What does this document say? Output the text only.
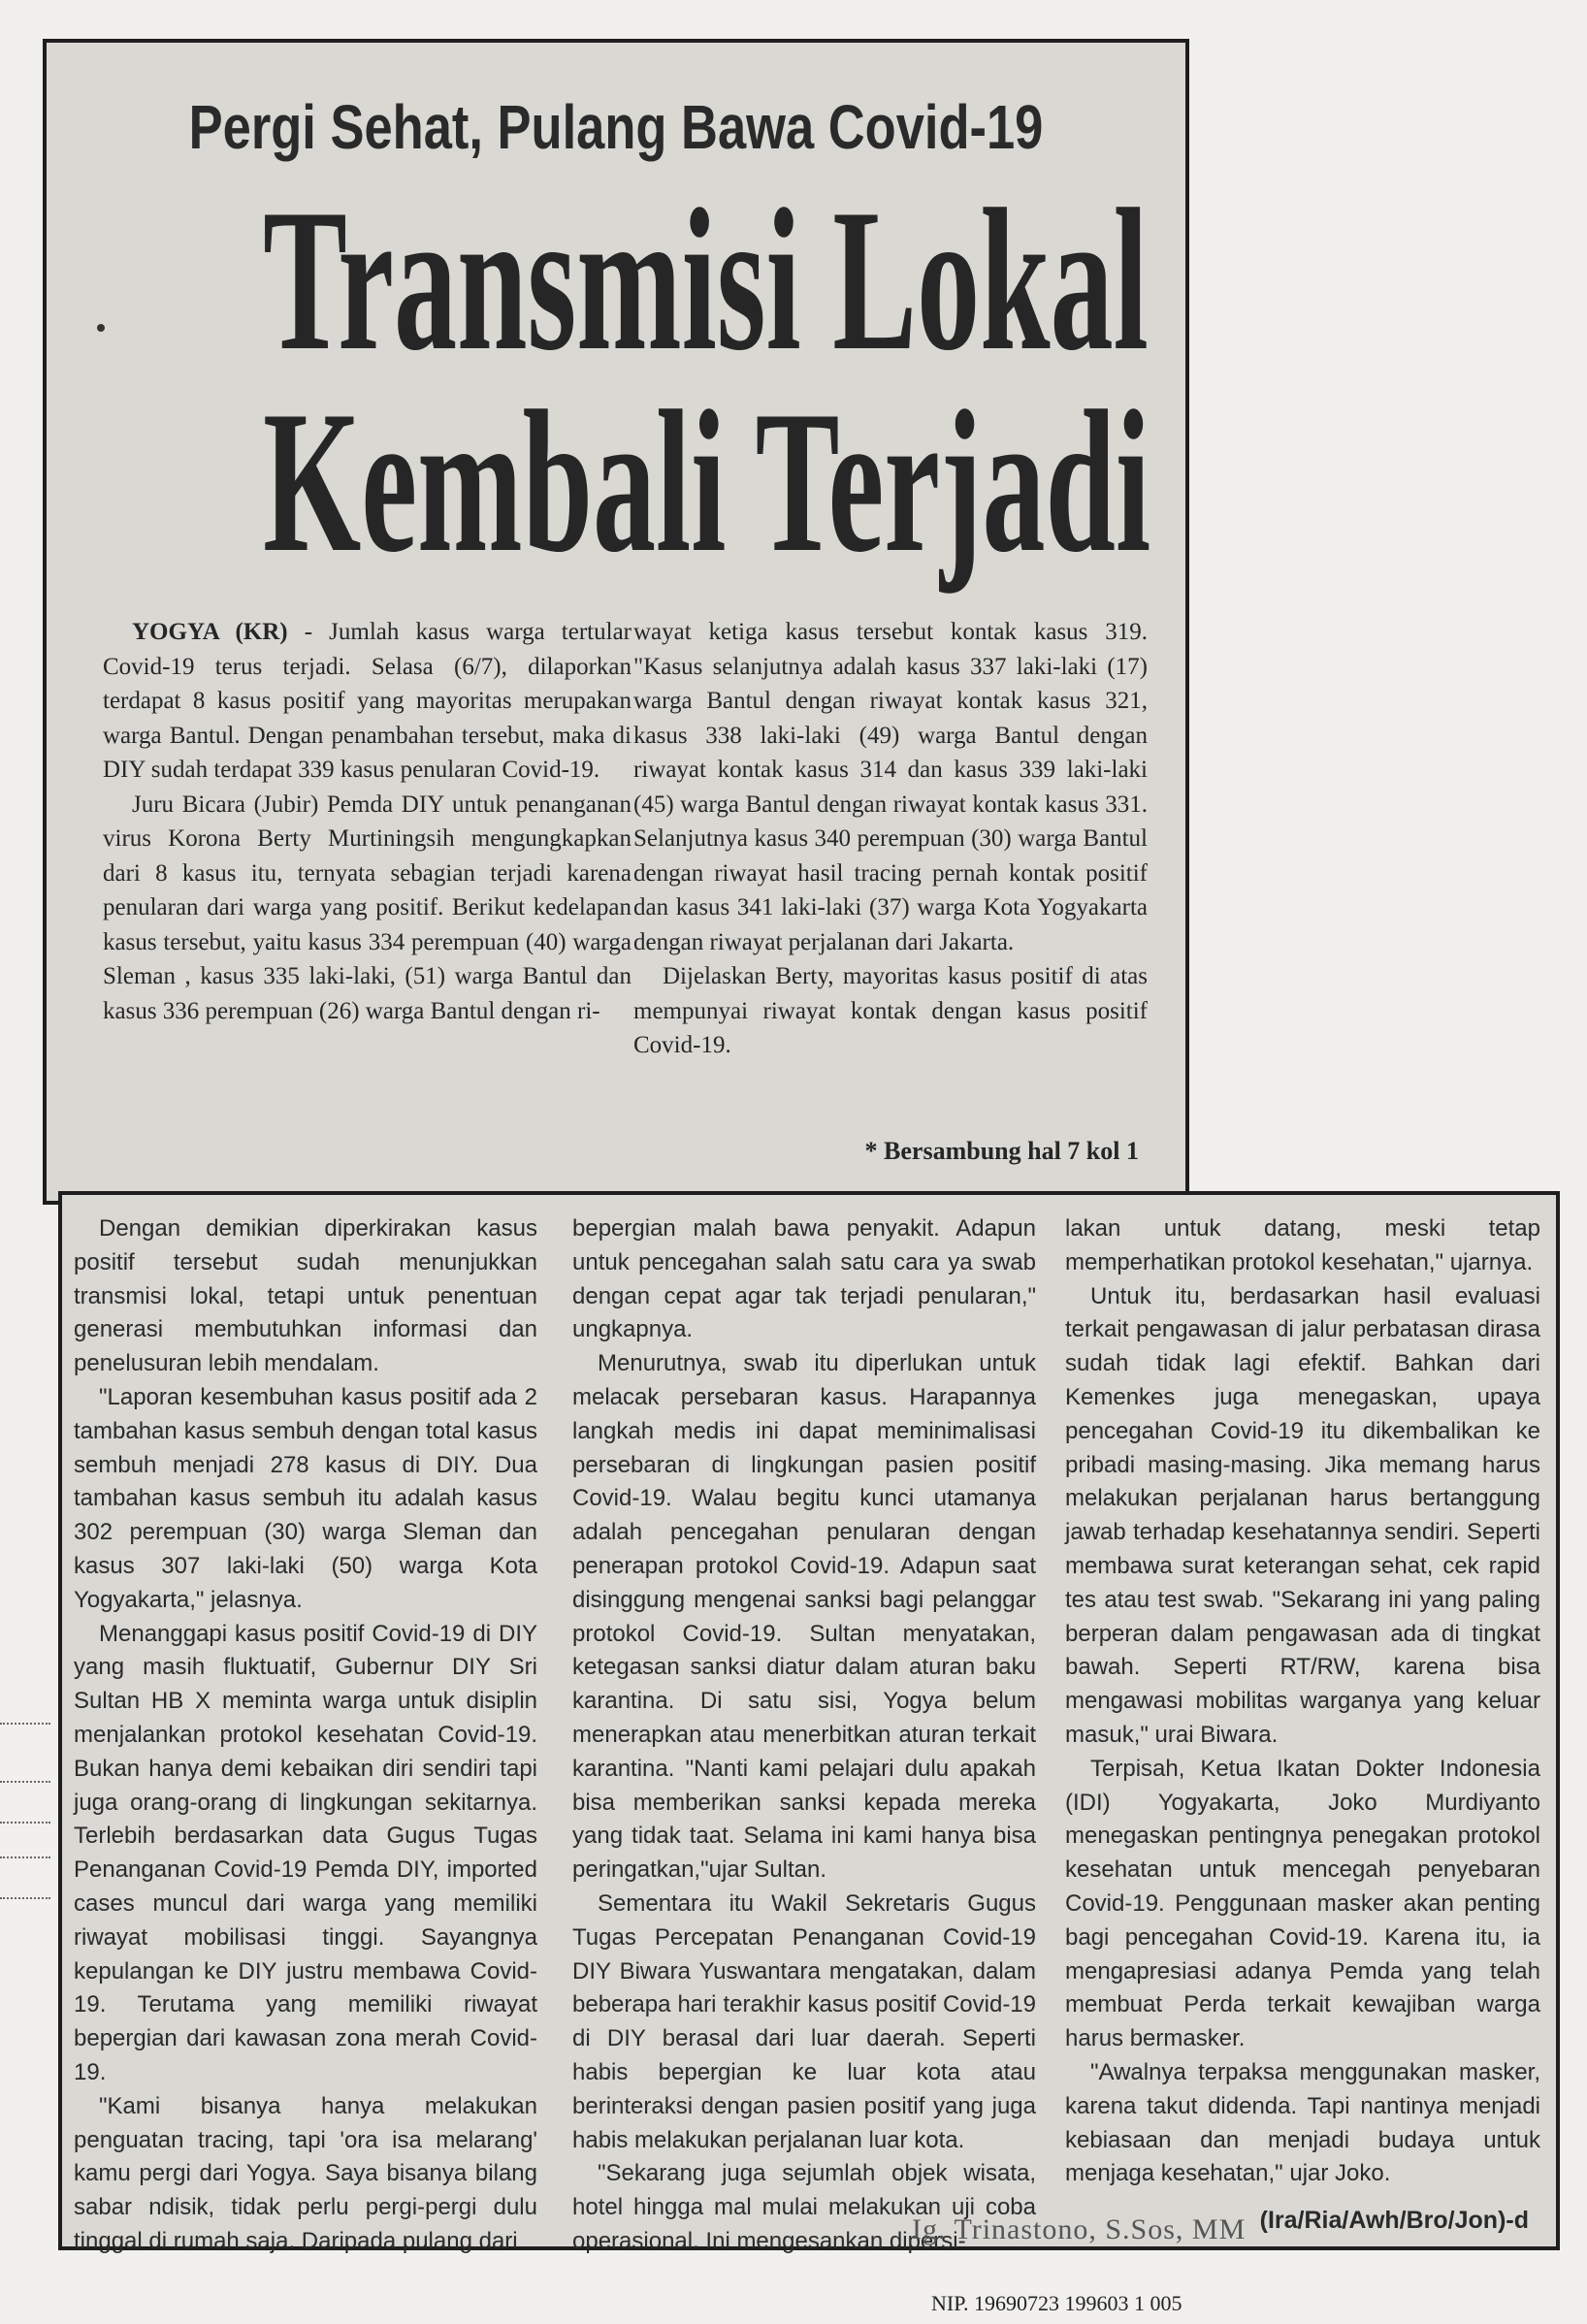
Pergi Sehat, Pulang Bawa Covid-19
Transmisi Lokal
Kembali Terjadi

YOGYA (KR) - Jumlah kasus warga tertular Covid-19 terus terjadi. Selasa (6/7), dilaporkan terdapat 8 kasus positif yang mayoritas merupakan warga Bantul. Dengan penambahan tersebut, maka di DIY sudah terdapat 339 kasus penularan Covid-19.

Juru Bicara (Jubir) Pemda DIY untuk penanganan virus Korona Berty Murtiningsih mengungkapkan dari 8 kasus itu, ternyata sebagian terjadi karena penularan dari warga yang positif. Berikut kedelapan kasus tersebut, yaitu kasus 334 perempuan (40) warga Sleman , kasus 335 laki-laki, (51) warga Bantul dan kasus 336 perempuan (26) warga Bantul dengan ri-

wayat ketiga kasus tersebut kontak kasus 319. "Kasus selanjutnya adalah kasus 337 laki-laki (17) warga Bantul dengan riwayat kontak kasus 321, kasus 338 laki-laki (49) warga Bantul dengan riwayat kontak kasus 314 dan kasus 339 laki-laki (45) warga Bantul dengan riwayat kontak kasus 331. Selanjutnya kasus 340 perempuan (30) warga Bantul dengan riwayat hasil tracing pernah kontak positif dan kasus 341 laki-laki (37) warga Kota Yogyakarta dengan riwayat perjalanan dari Jakarta.

Dijelaskan Berty, mayoritas kasus positif di atas mempunyai riwayat kontak dengan kasus positif Covid-19.

* Bersambung hal 7 kol 1

Dengan demikian diperkirakan kasus positif tersebut sudah menunjukkan transmisi lokal, tetapi untuk penentuan generasi membutuhkan informasi dan penelusuran lebih mendalam.

"Laporan kesembuhan kasus positif ada 2 tambahan kasus sembuh dengan total kasus sembuh menjadi 278 kasus di DIY. Dua tambahan kasus sembuh itu adalah kasus 302 perempuan (30) warga Sleman dan kasus 307 laki-laki (50) warga Kota Yogyakarta," jelasnya.

Menanggapi kasus positif Covid-19 di DIY yang masih fluktuatif, Gubernur DIY Sri Sultan HB X meminta warga untuk disiplin menjalankan protokol kesehatan Covid-19. Bukan hanya demi kebaikan diri sendiri tapi juga orang-orang di lingkungan sekitarnya. Terlebih berdasarkan data Gugus Tugas Penanganan Covid-19 Pemda DIY, imported cases muncul dari warga yang memiliki riwayat mobilisasi tinggi. Sayangnya kepulangan ke DIY justru membawa Covid-19. Terutama yang memiliki riwayat bepergian dari kawasan zona merah Covid-19.

"Kami bisanya hanya melakukan penguatan tracing, tapi 'ora isa melarang' kamu pergi dari Yogya. Saya bisanya bilang sabar ndisik, tidak perlu pergi-pergi dulu tinggal di rumah saja. Daripada pulang dari

bepergian malah bawa penyakit. Adapun untuk pencegahan salah satu cara ya swab dengan cepat agar tak terjadi penularan," ungkapnya.

Menurutnya, swab itu diperlukan untuk melacak persebaran kasus. Harapannya langkah medis ini dapat meminimalisasi persebaran di lingkungan pasien positif Covid-19. Walau begitu kunci utamanya adalah pencegahan penularan dengan penerapan protokol Covid-19. Adapun saat disinggung mengenai sanksi bagi pelanggar protokol Covid-19. Sultan menyatakan, ketegasan sanksi diatur dalam aturan baku karantina. Di satu sisi, Yogya belum menerapkan atau menerbitkan aturan terkait karantina. "Nanti kami pelajari dulu apakah bisa memberikan sanksi kepada mereka yang tidak taat. Selama ini kami hanya bisa peringatkan,"ujar Sultan.

Sementara itu Wakil Sekretaris Gugus Tugas Percepatan Penanganan Covid-19 DIY Biwara Yuswantara mengatakan, dalam beberapa hari terakhir kasus positif Covid-19 di DIY berasal dari luar daerah. Seperti habis bepergian ke luar kota atau berinteraksi dengan pasien positif yang juga habis melakukan perjalanan luar kota.

"Sekarang juga sejumlah objek wisata, hotel hingga mal mulai melakukan uji coba operasional. Ini mengesankan dipersi-

lakan untuk datang, meski tetap memperhatikan protokol kesehatan," ujarnya.

Untuk itu, berdasarkan hasil evaluasi terkait pengawasan di jalur perbatasan dirasa sudah tidak lagi efektif. Bahkan dari Kemenkes juga menegaskan, upaya pencegahan Covid-19 itu dikembalikan ke pribadi masing-masing. Jika memang harus melakukan perjalanan harus bertanggung jawab terhadap kesehatannya sendiri. Seperti membawa surat keterangan sehat, cek rapid tes atau test swab. "Sekarang ini yang paling berperan dalam pengawasan ada di tingkat bawah. Seperti RT/RW, karena bisa mengawasi mobilitas warganya yang keluar masuk," urai Biwara.

Terpisah, Ketua Ikatan Dokter Indonesia (IDI) Yogyakarta, Joko Murdiyanto menegaskan pentingnya penegakan protokol kesehatan untuk mencegah penyebaran Covid-19. Penggunaan masker akan penting bagi pencegahan Covid-19. Karena itu, ia mengapresiasi adanya Pemda yang telah membuat Perda terkait kewajiban warga harus bermasker.

"Awalnya terpaksa menggunakan masker, karena takut didenda. Tapi nantinya menjadi kebiasaan dan menjadi budaya untuk menjaga kesehatan," ujar Joko.

(Ira/Ria/Awh/Bro/Jon)-d
Ig. Trinastono, S.Sos, MM
NIP. 19690723 199603 1 005
